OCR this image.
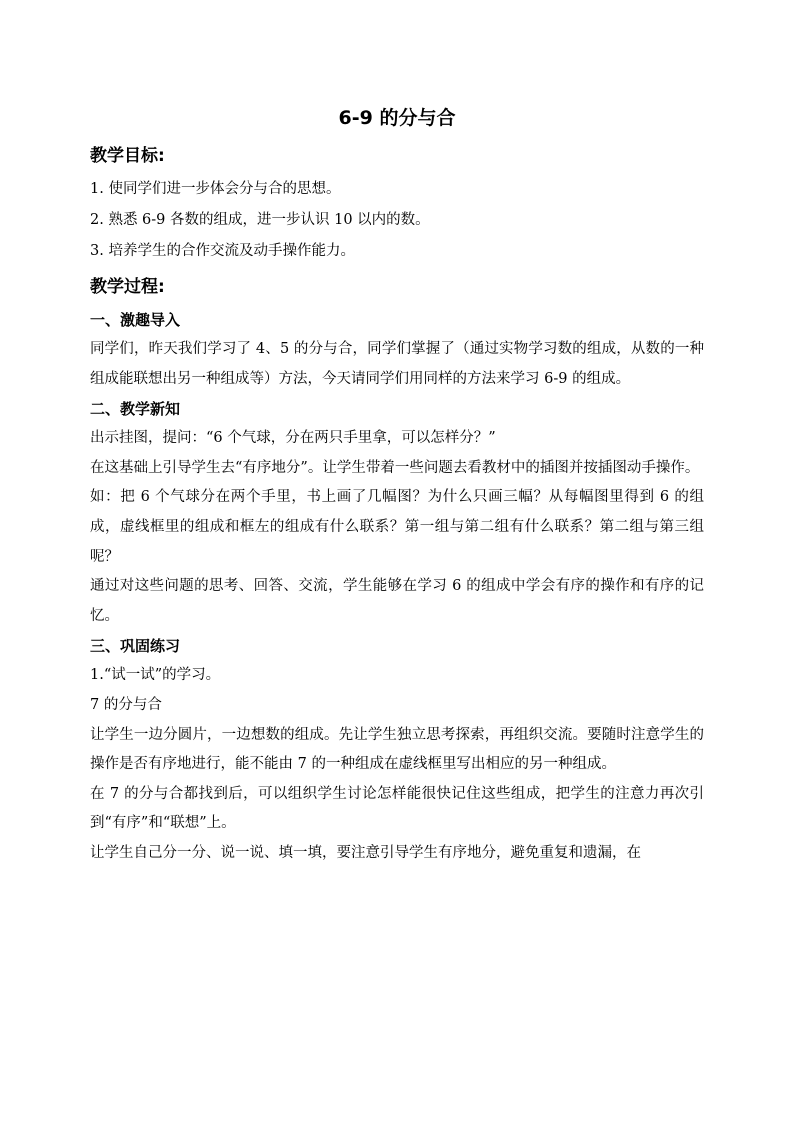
6-9 的分与合
教学目标:
1. 使同学们进一步体会分与合的思想。
2. 熟悉 6-9 各数的组成，进一步认识 10 以内的数。
3. 培养学生的合作交流及动手操作能力。
教学过程:
一、激趣导入
同学们，昨天我们学习了 4、5 的分与合，同学们掌握了（通过实物学习数的组成，从数的一种组成能联想出另一种组成等）方法，今天请同学们用同样的方法来学习 6-9 的组成。
二、教学新知
出示挂图，提问：“6 个气球，分在两只手里拿，可以怎样分？”
在这基础上引导学生去“有序地分”。让学生带着一些问题去看教材中的插图并按插图动手操作。
如：把 6 个气球分在两个手里，书上画了几幅图？为什么只画三幅？从每幅图里得到 6 的组成，虚线框里的组成和框左的组成有什么联系？第一组与第二组有什么联系？第二组与第三组呢？
通过对这些问题的思考、回答、交流，学生能够在学习 6 的组成中学会有序的操作和有序的记忆。
三、巩固练习
1.“试一试”的学习。
7 的分与合
让学生一边分圆片，一边想数的组成。先让学生独立思考探索，再组织交流。要随时注意学生的操作是否有序地进行，能不能由 7 的一种组成在虚线框里写出相应的另一种组成。
在 7 的分与合都找到后，可以组织学生讨论怎样能很快记住这些组成，把学生的注意力再次引到“有序”和“联想”上。
让学生自己分一分、说一说、填一填，要注意引导学生有序地分，避免重复和遗漏，在
